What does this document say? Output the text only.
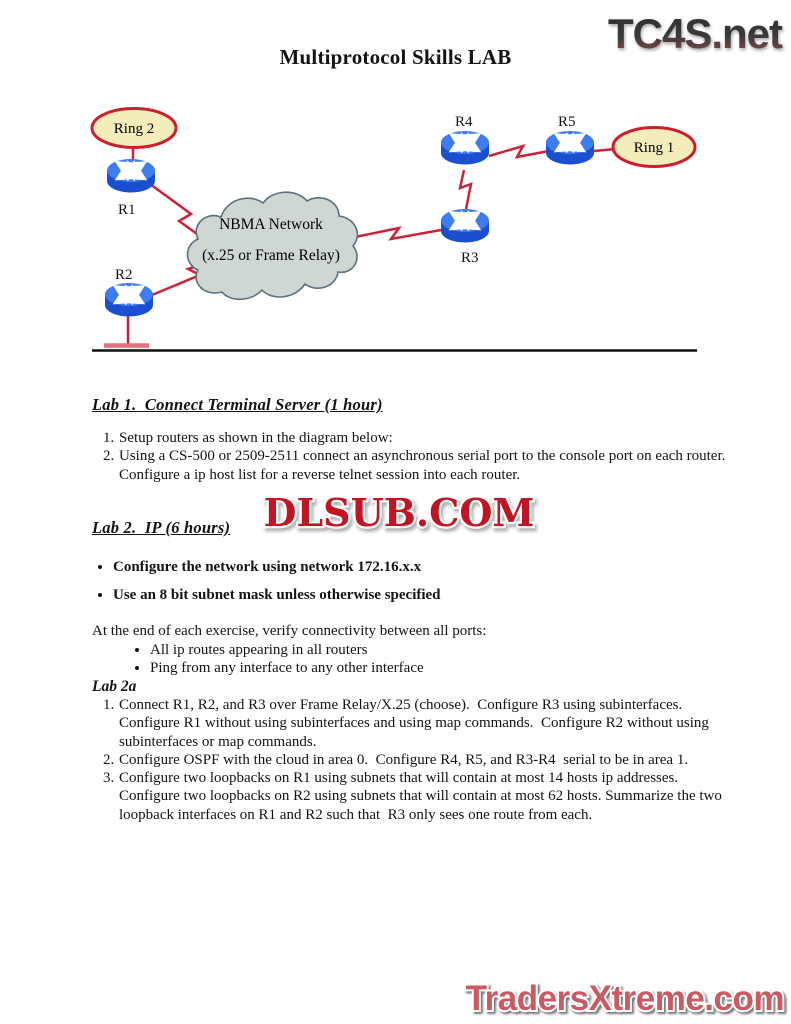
TC4S.net
Multiprotocol Skills LAB
NBMA Network
(x.25 or Frame Relay)
Ring 2
Ring 1
R1
R2
R3
R4	R5
Lab 1.  Connect Terminal Server (1 hour)
1. Setup routers as shown in the diagram below:
2. Using a CS-500 or 2509-2511 connect an asynchronous serial port to the console port on each router.  Configure a ip host list for a reverse telnet session into each router.
DLSUB.COM
Lab 2.  IP (6 hours)
• Configure the network using network 172.16.x.x
• Use an 8 bit subnet mask unless otherwise specified
At the end of each exercise, verify connectivity between all ports:
• All ip routes appearing in all routers
• Ping from any interface to any other interface
Lab 2a
1. Connect R1, R2, and R3 over Frame Relay/X.25 (choose).  Configure R3 using subinterfaces. Configure R1 without using subinterfaces and using map commands.  Configure R2 without using subinterfaces or map commands.
2. Configure OSPF with the cloud in area 0.  Configure R4, R5, and R3-R4  serial to be in area 1.
3. Configure two loopbacks on R1 using subnets that will contain at most 14 hosts ip addresses. Configure two loopbacks on R2 using subnets that will contain at most 62 hosts. Summarize the two loopback interfaces on R1 and R2 such that  R3 only sees one route from each.
TradersXtreme.com
